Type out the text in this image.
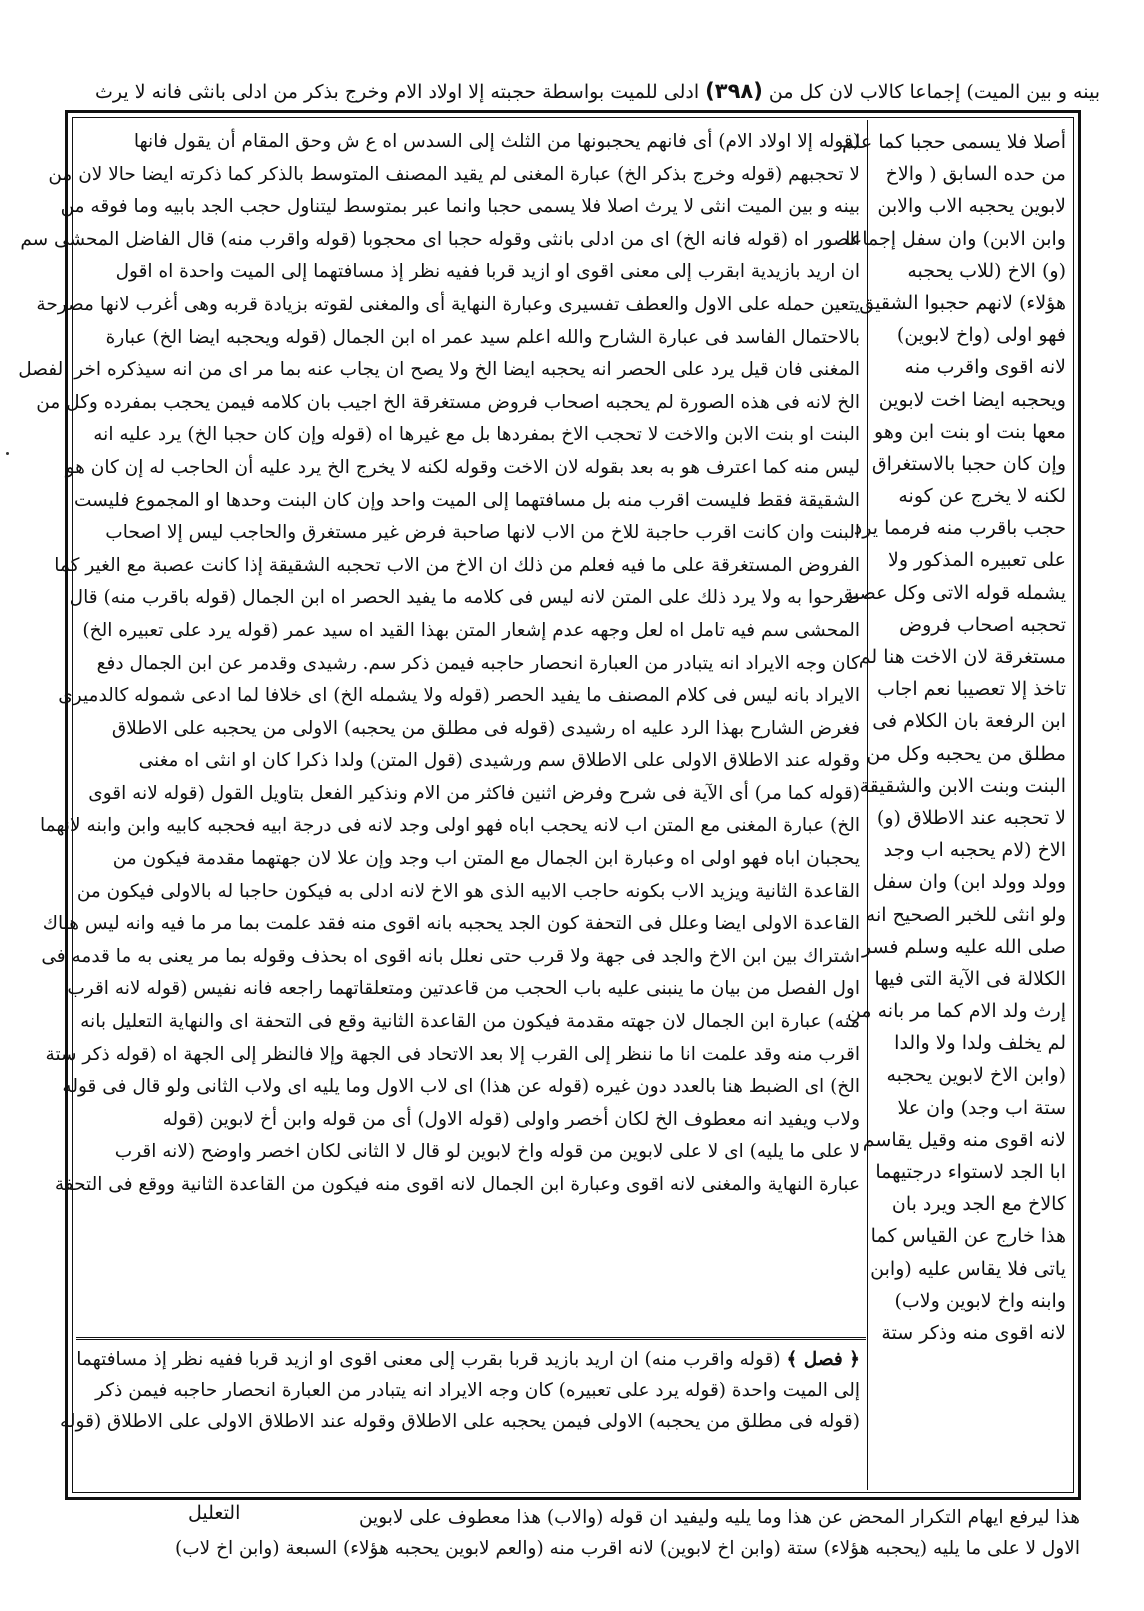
بينه و بين الميت) إجماعا كالاب لان كل من (٣٩٨) ادلى للميت بواسطة حجبته إلا اولاد الام وخرج بذكر من ادلى بانثى فانه لا يرث
أصلا فلا يسمى حجبا كما علم
من حده السابق ( والاخ
لابوين يحجبه الاب والابن
وابن الابن) وان سفل إجماعا
(و) الاخ (للاب يحجبه
هؤلاء) لانهم حجبوا الشقيق
فهو اولى (واخ لابوين)
لانه اقوى واقرب منه
ويحجبه ايضا اخت لابوين
معها بنت او بنت ابن وهو
وإن كان حجبا بالاستغراق
لكنه لا يخرج عن كونه
حجب باقرب منه فرمما يرد
على تعبيره المذكور ولا
يشمله قوله الاتى وكل عصبة
تحجبه اصحاب فروض
مستغرقة لان الاخت هنا لم
تاخذ إلا تعصيبا نعم اجاب
ابن الرفعة بان الكلام فى
مطلق من يحجبه وكل من
البنت وبنت الابن والشقيقة
لا تحجبه عند الاطلاق (و)
الاخ (لام يحجبه اب وجد
وولد وولد ابن) وان سفل
ولو انثى للخبر الصحيح انه
صلى الله عليه وسلم فسر
الكلالة فى الآية التى فيها
إرث ولد الام كما مر بانه من
لم يخلف ولدا ولا والدا
(وابن الاخ لابوين يحجبه
ستة اب وجد) وان علا
لانه اقوى منه وقيل يقاسم
ابا الجد لاستواء درجتيهما
كالاخ مع الجد ويرد بان
هذا خارج عن القياس كما
ياتى فلا يقاس عليه (وابن
وابنه واخ لابوين ولاب)
لانه اقوى منه وذكر ستة
(قوله إلا اولاد الام) أى فانهم يحجبونها من الثلث إلى السدس اه ع ش وحق المقام أن يقول فانها
لا تحجبهم (قوله وخرج بذكر الخ) عبارة المغنى لم يقيد المصنف المتوسط بالذكر كما ذكرته ايضا حالا لان من
بينه و بين الميت انثى لا يرث اصلا فلا يسمى حجبا وانما عبر بمتوسط ليتناول حجب الجد بابيه وما فوقه من
الصور اه (قوله فانه الخ) اى من ادلى بانثى وقوله حجبا اى محجوبا (قوله واقرب منه) قال الفاضل المحشى سم
ان اريد بازيدية ابقرب إلى معنى اقوى او ازيد قربا ففيه نظر إذ مسافتهما إلى الميت واحدة اه اقول
يتعين حمله على الاول والعطف تفسيرى وعبارة النهاية أى والمغنى لقوته بزيادة قربه وهى أغرب لانها مصرحة
بالاحتمال الفاسد فى عبارة الشارح والله اعلم سيد عمر اه ابن الجمال (قوله ويحجبه ايضا الخ) عبارة
المغنى فان قيل يرد على الحصر انه يحجبه ايضا الخ ولا يصح ان يجاب عنه بما مر اى من انه سيذكره اخر الفصل
الخ لانه فى هذه الصورة لم يحجبه اصحاب فروض مستغرقة الخ اجيب بان كلامه فيمن يحجب بمفرده وكل من
البنت او بنت الابن والاخت لا تحجب الاخ بمفردها بل مع غيرها اه (قوله وإن كان حجبا الخ) يرد عليه انه
ليس منه كما اعترف هو به بعد بقوله لان الاخت وقوله لكنه لا يخرج الخ يرد عليه أن الحاجب له إن كان هو
الشقيقة فقط فليست اقرب منه بل مسافتهما إلى الميت واحد وإن كان البنت وحدها او المجموع فليست
البنت وان كانت اقرب حاجبة للاخ من الاب لانها صاحبة فرض غير مستغرق والحاجب ليس إلا اصحاب
الفروض المستغرقة على ما فيه فعلم من ذلك ان الاخ من الاب تحجبه الشقيقة إذا كانت عصبة مع الغير كما
صرحوا به ولا يرد ذلك على المتن لانه ليس فى كلامه ما يفيد الحصر اه ابن الجمال (قوله باقرب منه) قال
المحشى سم فيه تامل اه لعل وجهه عدم إشعار المتن بهذا القيد اه سيد عمر (قوله يرد على تعبيره الخ)
كان وجه الايراد انه يتبادر من العبارة انحصار حاجبه فيمن ذكر سم. رشيدى وقدمر عن ابن الجمال دفع
الايراد بانه ليس فى كلام المصنف ما يفيد الحصر (قوله ولا يشمله الخ) اى خلافا لما ادعى شموله كالدميرى
فغرض الشارح بهذا الرد عليه اه رشيدى (قوله فى مطلق من يحجبه) الاولى من يحجبه على الاطلاق
وقوله عند الاطلاق الاولى على الاطلاق سم ورشيدى (قول المتن) ولدا ذكرا كان او انثى اه مغنى
(قوله كما مر) أى الآية فى شرح وفرض اثنين فاكثر من الام ونذكير الفعل بتاويل القول (قوله لانه اقوى
الخ) عبارة المغنى مع المتن اب لانه يحجب اباه فهو اولى وجد لانه فى درجة ابيه فحجبه كابيه وابن وابنه لانهما
يحجبان اباه فهو اولى اه وعبارة ابن الجمال مع المتن اب وجد وإن علا لان جهتهما مقدمة فيكون من
القاعدة الثانية ويزيد الاب بكونه حاجب الابيه الذى هو الاخ لانه ادلى به فيكون حاجبا له بالاولى فيكون من
القاعدة الاولى ايضا وعلل فى التحفة كون الجد يحجبه بانه اقوى منه فقد علمت بما مر ما فيه وانه ليس هناك
اشتراك بين ابن الاخ والجد فى جهة ولا قرب حتى نعلل بانه اقوى اه بحذف وقوله بما مر يعنى به ما قدمه فى
اول الفصل من بيان ما ينبنى عليه باب الحجب من قاعدتين ومتعلقاتهما راجعه فانه نفيس (قوله لانه اقرب
منه) عبارة ابن الجمال لان جهته مقدمة فيكون من القاعدة الثانية وقع فى التحفة اى والنهاية التعليل بانه
اقرب منه وقد علمت انا ما ننظر إلى القرب إلا بعد الاتحاد فى الجهة وإلا فالنظر إلى الجهة اه (قوله ذكر ستة
الخ) اى الضبط هنا بالعدد دون غيره (قوله عن هذا) اى لاب الاول وما يليه اى ولاب الثانى ولو قال فى قوله
ولاب ويفيد انه معطوف الخ لكان أخصر واولى (قوله الاول) أى من قوله وابن أخ لابوين (قوله
لا على ما يليه) اى لا على لابوين من قوله واخ لابوين لو قال لا الثانى لكان اخصر واوضح (لانه اقرب
عبارة النهاية والمغنى لانه اقوى وعبارة ابن الجمال لانه اقوى منه فيكون من القاعدة الثانية ووقع فى التحفة
﴿ فصل ﴾ (قوله واقرب منه) ان اريد بازيد قربا بقرب إلى معنى اقوى او ازيد قربا ففيه نظر إذ مسافتهما
إلى الميت واحدة (قوله يرد على تعبيره) كان وجه الايراد انه يتبادر من العبارة انحصار حاجبه فيمن ذكر
(قوله فى مطلق من يحجبه) الاولى فيمن يحجبه على الاطلاق وقوله عند الاطلاق الاولى على الاطلاق (قوله
هذا ليرفع ايهام التكرار المحض عن هذا وما يليه وليفيد ان قوله (والاب) هذا معطوف على لابوين
الاول لا على ما يليه (يحجبه هؤلاء) ستة (وابن اخ لابوين) لانه اقرب منه (والعم لابوين يحجبه هؤلاء) السبعة (وابن اخ لاب)
التعليل
